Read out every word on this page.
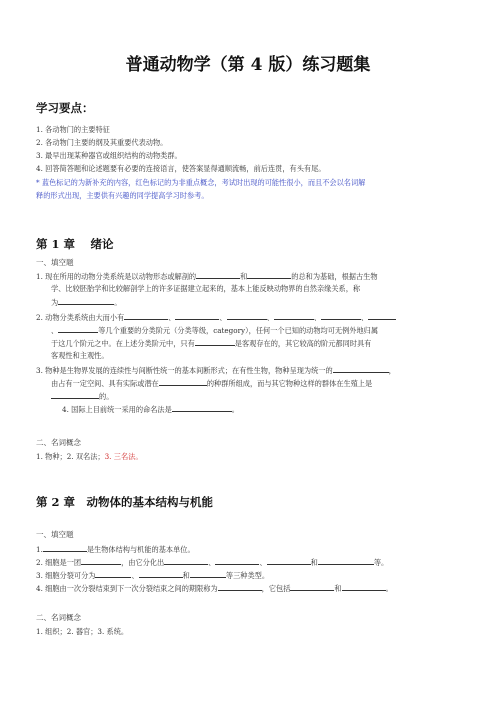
普通动物学（第 4 版）练习题集
学习要点：
1. 各动物门的主要特征
2. 各动物门主要的纲及其重要代表动物。
3. 最早出现某种器官或组织结构的动物类群。
4. 回答简答题和论述题要有必要的连接语言，使答案显得通顺流畅，前后连贯，有头有尾。
* 蓝色标记的为新补充的内容，红色标记的为非重点概念，考试时出现的可能性很小，而且不会以名词解
释的形式出现，主要供有兴趣的同学提高学习时参考。
第 1 章　 绪论
一、填空题
1. 现在所用的动物分类系统是以动物形态或解剖的	和	的总和为基础，根据古生物
学、比较胚胎学和比较解剖学上的许多证据建立起来的，基本上能反映动物界的自然亲缘关系，称
为	。
2. 动物分类系统由大而小有	、	、	、	、	、
、	等几个重要的分类阶元（分类等级，category），任何一个已知的动物均可无例外地归属
于这几个阶元之中。在上述分类阶元中，只有	是客观存在的，其它较高的阶元都同时具有
客观性和主观性。
3. 物种是生物界发展的连续性与间断性统一的基本间断形式；在有性生物，物种呈现为统一的	，
由占有一定空间、具有实际或潜在	的种群所组成，而与其它物种这样的群体在生殖上是
的。
4. 国际上目前统一采用的命名法是	。
二、名词概念
1. 物种；2. 双名法；3. 三名法。
第 2 章　动物体的基本结构与机能
一、填空题
1.	是生物体结构与机能的基本单位。
2. 细胞是一团	，由它分化出	、	、	和	等。
3. 细胞分裂可分为	、	和	等三种类型。
4. 细胞由一次分裂结束到下一次分裂结束之间的期限称为	，它包括	和	。
二、名词概念
1. 组织；2. 器官；3. 系统。
